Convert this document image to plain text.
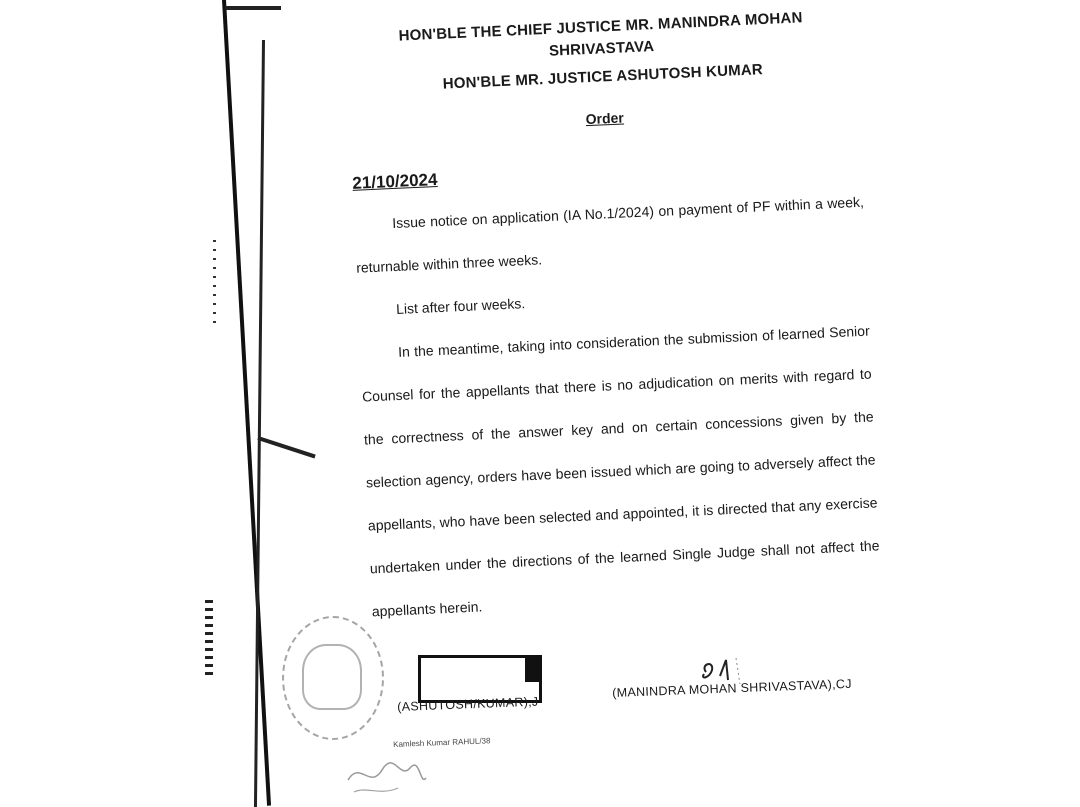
HON'BLE THE CHIEF JUSTICE MR. MANINDRA MOHAN SHRIVASTAVA

HON'BLE MR. JUSTICE ASHUTOSH KUMAR

Order
21/10/2024

Issue notice on application (IA No.1/2024) on payment of PF within a week, returnable within three weeks.

List after four weeks.

In the meantime, taking into consideration the submission of learned Senior Counsel for the appellants that there is no adjudication on merits with regard to the correctness of the answer key and on certain concessions given by the selection agency, orders have been issued which are going to adversely affect the appellants, who have been selected and appointed, it is directed that any exercise undertaken under the directions of the learned Single Judge shall not affect the appellants herein.

(ASHUTOSH/KUMAR),J
(MANINDRA MOHAN SHRIVASTAVA),CJ
Kamlesh Kumar RAHUL/38
